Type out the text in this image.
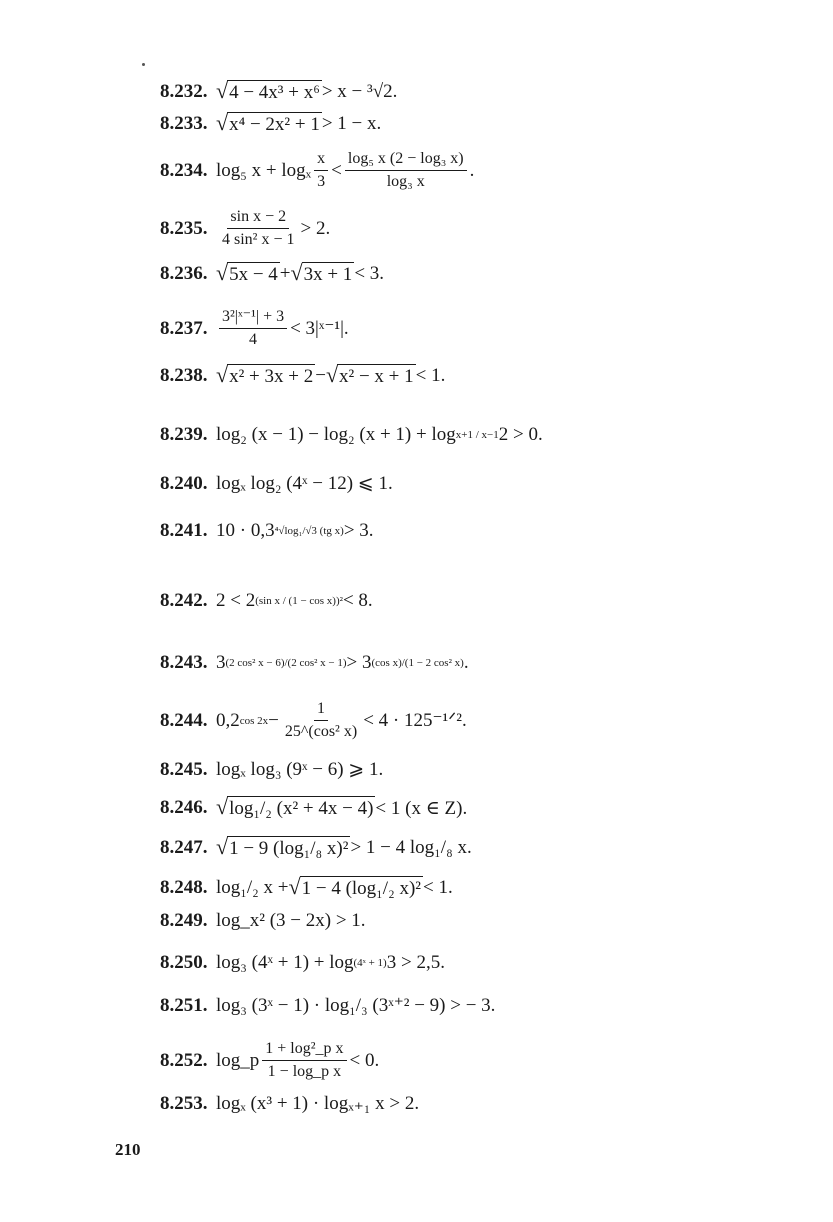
8.232. √ 4 − 4x³ + x⁶ > x − ³√2.
8.233. √ x⁴ − 2x² + 1 > 1 − x.
8.234. log₅ x + logₓ $\frac{x}{3} < \frac{\text{log₅ x (2 − log₃ x)}}{\text{log₃ x}}$ .
8.235. $\frac{\text{sin x − 2}}{\text{4 sin² x − 1}} > 2$.
8.236. √ 5x − 4 + √ 3x + 1 < 3.
8.237. $\frac{\text{3²|ˣ⁻¹| + 3}}{4}$ < 3|ˣ⁻¹|.
8.238. √ x² + 3x + 2 − √ x² − x + 1 < 1.
8.239. log₂ (x − 1) − log₂ (x + 1) + log x+1 / x−1 2 > 0.
8.240. logₓ log₂ (4ˣ − 12) ⩽ 1.
8.241. 10 · 0,3 ⁴√log₁/√3 (tg x) > 3.
8.242. 2 < 2 (sin x / (1 − cos x))² < 8.
8.243. 3 (2 cos² x − 6)/(2 cos² x − 1) > 3 (cos x)/(1 − 2 cos² x) .
8.244. 0,2 $\cos 2x - \frac{1}{\text{25\textasciicircum{}(cos² x)}} < 4$ · 125⁻¹ᐟ².
8.245. logₓ log₃ (9ˣ − 6) ⩾ 1.
8.246. √ log₁/₂ (x² + 4x − 4) < 1 (x ∈ Z).
8.247. √ 1 − 9 (log₁/₈ x)² > 1 − 4 log₁/₈ x.
8.248. log₁/₂ x + √ 1 − 4 (log₁/₂ x)² < 1.
8.249. log_x² (3 − 2x) > 1.
8.250. log₃ (4ˣ + 1) + log (4ˣ + 1) 3 > 2,5.
8.251. log₃ (3ˣ − 1) · log₁/₃ (3ˣ⁺² − 9) > − 3.
8.252. log_p $\frac{\text{1 + log²\_p x}}{\text{1 − log\_p x}} < 0$.
8.253. logₓ (x³ + 1) · logₓ₊₁ x > 2.
210
